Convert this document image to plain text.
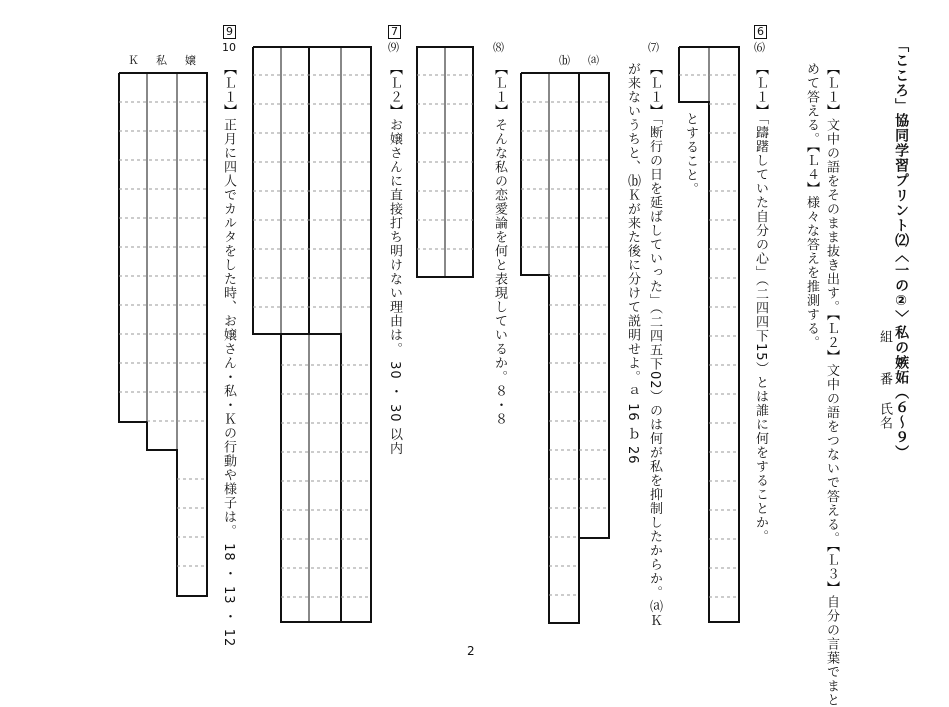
「こころ」協同学習プリント⑵〈一の②〉私の嫉妬（６～９）
組
番
氏名
【Ｌ１】文中の語をそのまま抜き出す。【Ｌ２】文中の語をつないで答える。【Ｌ３】自分の言葉でまと
めて答える。【Ｌ４】様々な答えを推測する。
6
⑹
【Ｌ１】「躊躇していた自分の心」（二四四下15）とは誰に何をすることか。
とすること。
⑺
【Ｌ１】「断行の日を延ばしていった」（二四五下02）のは何が私を抑制したからか。⒜Ｋ
が来ないうちと、⒝Ｋが来た後に分けて説明せよ。ａ 16 ｂ 26
⒜
⒝
⑻
【Ｌ１】そんな私の恋愛論を何と表現しているか。８・８
7
⑼
【Ｌ２】お嬢さんに直接打ち明けない理由は。 30 ・ 30 以内
9
10
【Ｌ１】正月に四人でカルタをした時、お嬢さん・私・Ｋの行動や様子は。 18 ・ 13 ・ 12
Ｋ 私 嬢
2
